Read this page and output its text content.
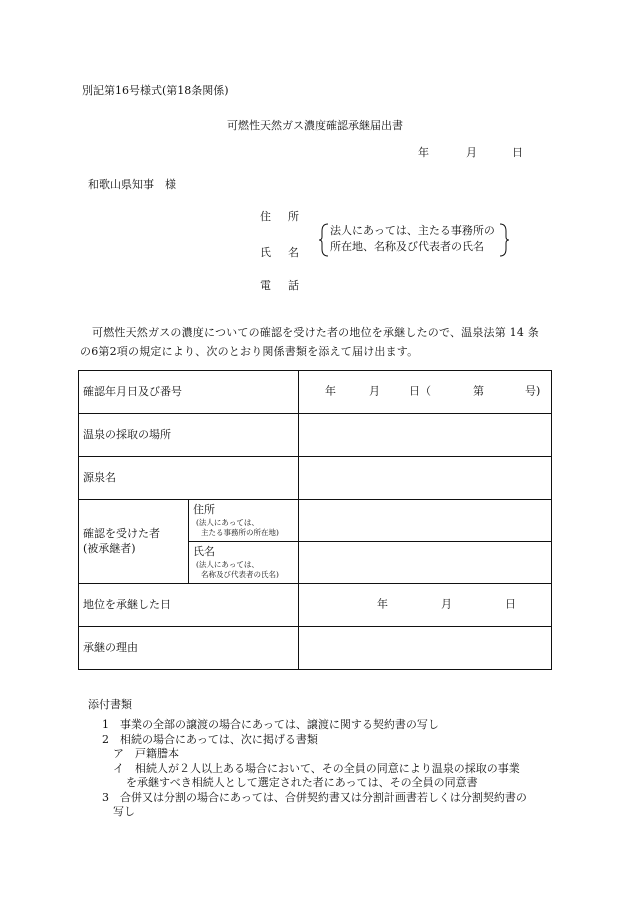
別記第16号様式(第18条関係)
可燃性天然ガス濃度確認承継届出書
年	月	日
和歌山県知事　様
住所
氏名
電話
法人にあっては、主たる事務所の
所在地、名称及び代表者の氏名
可燃性天然ガスの濃度についての確認を受けた者の地位を承継したので、温泉法第 14 条の6第2項の規定により、次のとおり関係書類を添えて届け出ます。
確認年月日及び番号		年 月 日（ 第 号)

温泉の採取の場所		
源泉名		

確認を受けた者
(被承継者)	住所
(法人にあっては、
主たる事務所の所在地)	

	氏名
(法人にあっては、
名称及び代表者の氏名)	

地位を承継した日		年 月 日

承継の理由		
添付書類
1　事業の全部の譲渡の場合にあっては、譲渡に関する契約書の写し
2　相続の場合にあっては、次に掲げる書類
ア　戸籍謄本
イ　相続人が２人以上ある場合において、その全員の同意により温泉の採取の事業
を承継すべき相続人として選定された者にあっては、その全員の同意書
3　合併又は分割の場合にあっては、合併契約書又は分割計画書若しくは分割契約書の
写し
